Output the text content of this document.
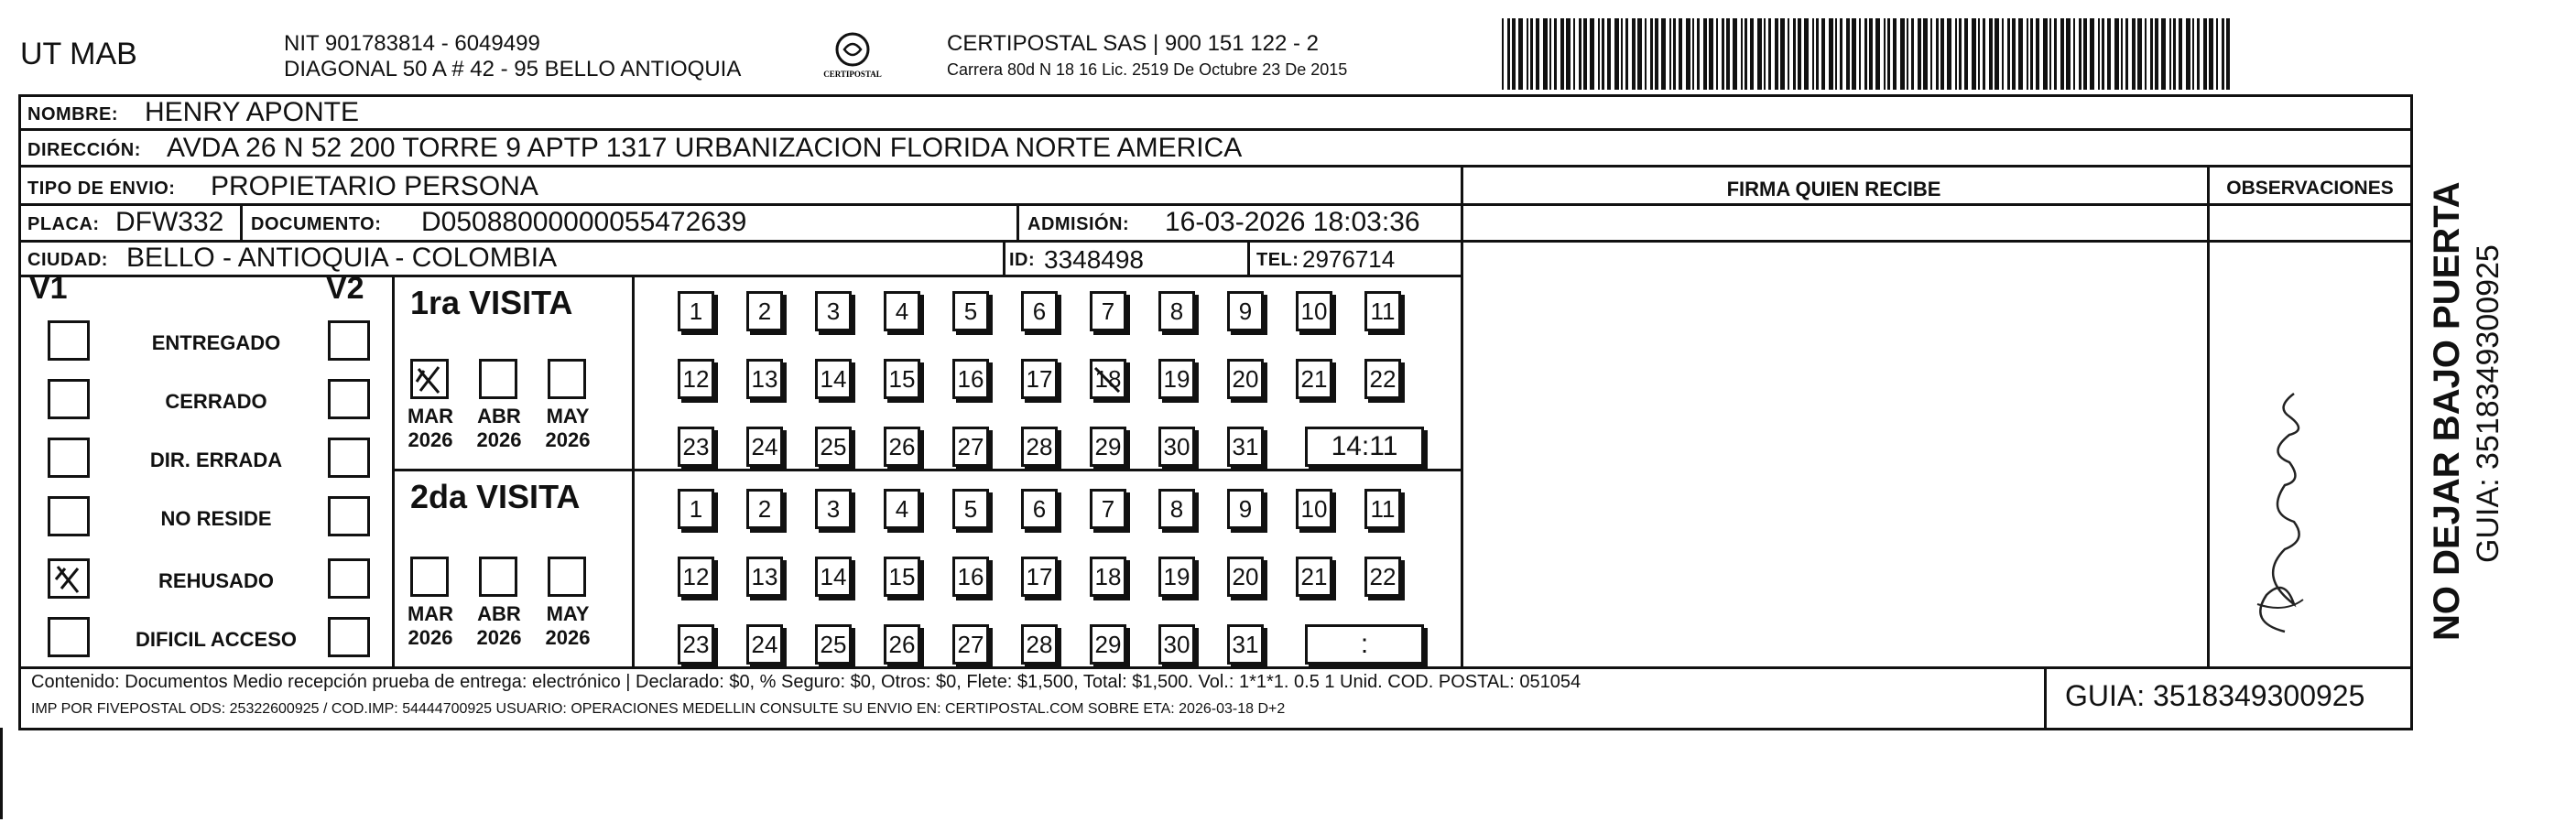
UT MAB	NIT 901783814 - 6049499
DIAGONAL 50 A # 42 - 95 BELLO ANTIOQUIA	CERTIPOSTAL
CERTIPOSTAL SAS | 900 151 122 - 2
Carrera 80d N 18 16 Lic. 2519 De Octubre 23 De 2015
NOMBRE: HENRY APONTE
DIRECCIÓN: AVDA 26 N 52 200 TORRE 9 APTP 1317 URBANIZACION FLORIDA NORTE AMERICA
TIPO DE ENVIO: PROPIETARIO PERSONA	FIRMA QUIEN RECIBE	OBSERVACIONES
PLACA: DFW332 DOCUMENTO: D05088000000055472639	ADMISIÓN: 16-03-2026 18:03:36
CIUDAD: BELLO - ANTIOQUIA - COLOMBIA	ID: 3348498	TEL: 2976714
V1	V2
ENTREGADO
CERRADO
DIR. ERRADA
NO RESIDE
REHUSADO
DIFICIL ACCESO
1ra VISITA
2da VISITA
MAR
2026
ABR
2026
MAY
2026
1	2	3	4	5	6	7	8	9	10 11
12 13 14 15 16 17 18 19 20 21 22
23 24 25 26 27 28 29 30 31	14:11
MAR
2026
ABR
2026
MAY
2026
1	2	3	4	5	6	7	8	9	10 11
12 13 14 15 16 17 18 19 20 21 22
23 24 25 26 27 28 29 30 31	:
Contenido: Documentos Medio recepción prueba de entrega: electrónico | Declarado: $0, % Seguro: $0, Otros: $0, Flete: $1,500, Total: $1,500. Vol.: 1*1*1. 0.5 1 Unid. COD. POSTAL: 051054
IMP POR FIVEPOSTAL ODS: 25322600925 / COD.IMP: 54444700925 USUARIO: OPERACIONES MEDELLIN CONSULTE SU ENVIO EN: CERTIPOSTAL.COM SOBRE ETA: 2026-03-18 D+2	GUIA: 3518349300925
NO DEJAR BAJO PUERTA GUIA: 3518349300925
